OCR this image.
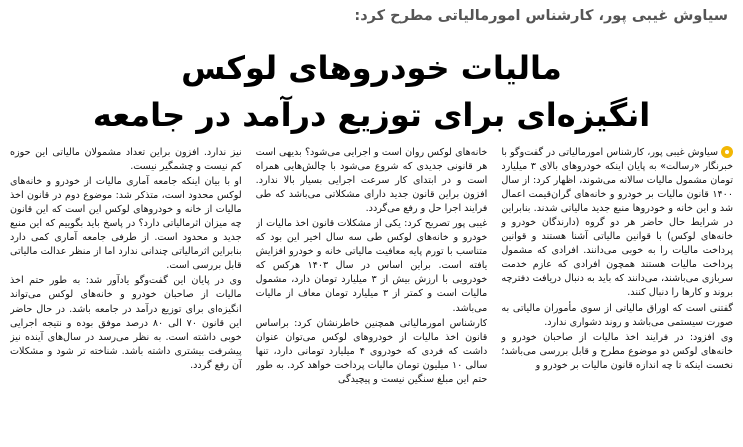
سیاوش غیبی پور، کارشناس امورمالیاتی مطرح کرد:
مالیات خودروهای لوکس
انگیزه‌ای برای توزیع درآمد در جامعه

سیاوش غیبی پور، کارشناس امورمالیاتی در گفت‌وگو با خبرنگار «رسالت» به پایان اینکه خودروهای بالای ۳ میلیارد تومان مشمول مالیات سالانه می‌شوند، اظهار کرد: از سال ۱۴۰۰ قانون مالیات بر خودرو و خانه‌های گران‌قیمت اعمال شد و این خانه و خودروها منبع جدید مالیاتی شدند. بنابراین در شرایط حال حاضر هر دو گروه (دارندگان خودرو و خانه‌های لوکس) با قوانین مالیاتی آشنا هستند و قوانین پرداخت مالیات را به خوبی می‌دانند. افرادی که مشمول پرداخت مالیات هستند همچون افرادی که عازم خدمت سربازی می‌باشند، می‌دانند که باید به دنبال دریافت دفترچه بروند و کارها را دنبال کنند.

گفتنی است که اوراق مالیاتی از سوی مأموران مالیاتی به صورت سیستمی می‌باشد و روند دشواری ندارد.

وی افزود: در فرایند اخذ مالیات از صاحبان خودرو و خانه‌های لوکس دو موضوع مطرح و قابل بررسی می‌باشد؛ نخست اینکه تا چه اندازه قانون مالیات بر خودرو و

خانه‌های لوکس روان است و اجرایی می‌شود؟ بدیهی است هر قانونی جدیدی که شروع می‌شود با چالش‌هایی همراه است و در ابتدای کار سرعت اجرایی بسیار بالا ندارد. افزون براین قانون جدید دارای مشکلاتی می‌باشد که طی فرایند اجرا حل و رفع می‌گردد.

غیبی پور تصریح کرد: یکی از مشکلات قانون اخذ مالیات از خودرو و خانه‌های لوکس طی سه سال اخیر این بود که متناسب با تورم پایه معافیت مالیاتی خانه و خودرو افزایش یافته است. براین اساس در سال ۱۴۰۳ هرکس که خودرویی با ارزش بیش از ۳ میلیارد تومان دارد، مشمول مالیات است و کمتر از ۳ میلیارد تومان معاف از مالیات می‌باشد.

کارشناس امورمالیاتی همچنین خاطرنشان کرد: براساس قانون اخذ مالیات از خودروهای لوکس می‌توان عنوان داشت که فردی که خودروی ۴ میلیارد تومانی دارد، تنها سالی ۱۰ میلیون تومان مالیات پرداخت خواهد کرد. به طور حتم این مبلغ سنگین نیست و پیچیدگی

نیز ندارد. افزون براین تعداد مشمولان مالیاتی این حوزه کم نیست و چشمگیر نیست.

او با بیان اینکه جامعه آماری مالیات از خودرو و خانه‌های لوکس محدود است، متذکر شد: موضوع دوم در قانون اخذ مالیات از خانه و خودروهای لوکس این است که این قانون چه میزان اثرمالیاتی دارد؟ در پاسخ باید بگوییم که این منبع جدید و محدود است. از طرفی جامعه آماری کمی دارد بنابراین اثرمالیاتی چندانی ندارد اما از منظر عدالت مالیاتی قابل بررسی است.

وی در پایان این گفت‌وگو یادآور شد: به طور حتم اخذ مالیات از صاحبان خودرو و خانه‌های لوکس می‌تواند انگیزه‌ای برای توزیع درآمد در جامعه باشد. در حال حاضر این قانون ۷۰ الی ۸۰ درصد موفق بوده و نتیجه اجرایی خوبی داشته است. به نظر می‌رسد در سال‌های آینده نیز پیشرفت بیشتری داشته باشد. شناخته تر شود و مشکلات آن رفع گردد.
